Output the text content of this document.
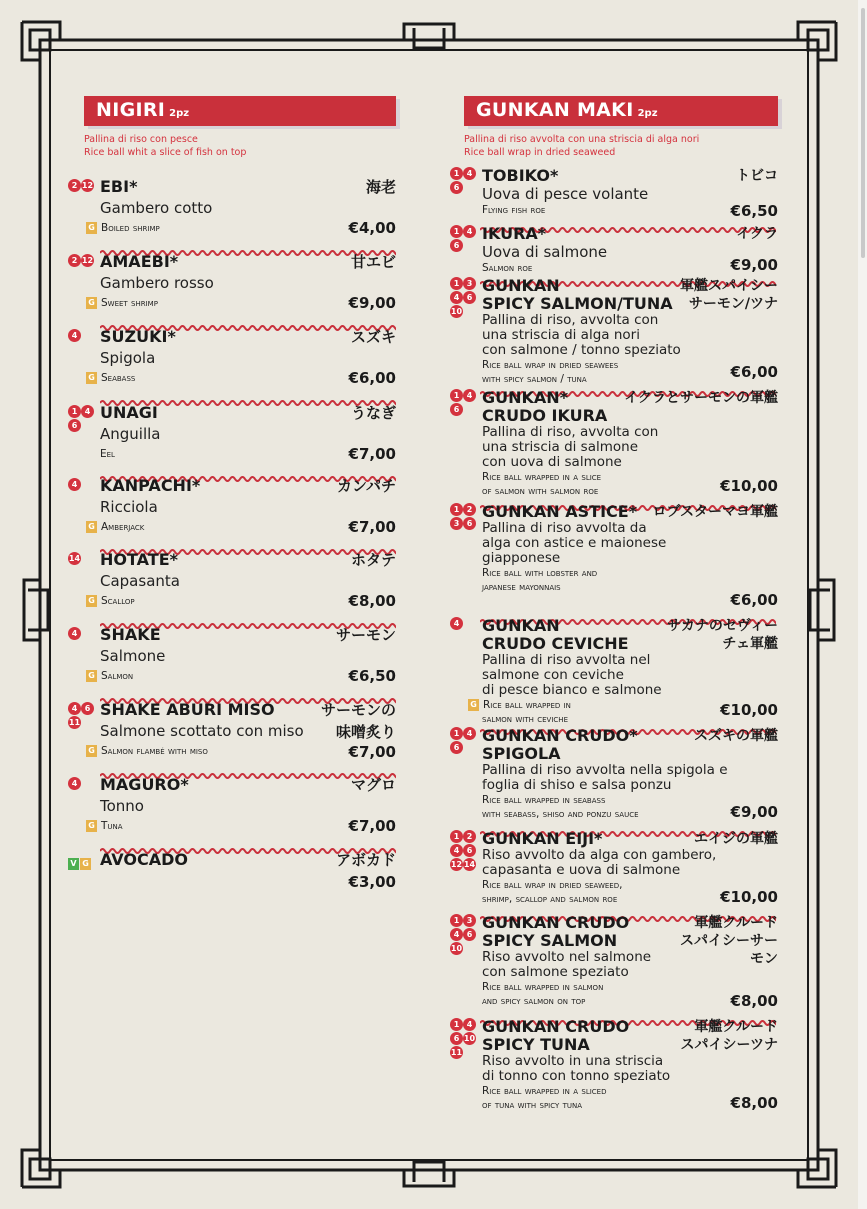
NIGIRI 2pz
Pallina di riso con pesce
Rice ball whit a slice of fish on top
2 12 EBI*	海老
Gambero cotto
G Boiled shrimp	€4,00
2 12 AMAEBI*	甘エビ
Gambero rosso
G Sweet shrimp	€9,00
4	SUZUKI*	スズキ
Spigola
G Seabass	€6,00
1 4
6
UNAGI	うなぎ
Anguilla
Eel	€7,00
4	KANPACHI*	カンパチ
Ricciola
G Amberjack	€7,00
14	HOTATE*	ホタテ
Capasanta
G Scallop	€8,00
4	SHAKE	サーモン
Salmone
G Salmon	€6,50
4 6
11
SHAKE ABURI MISO	サーモンの
味噌炙り
Salmone scottato con miso
G Salmon flambé with miso	€7,00
4	MAGURO*	マグロ
Tonno
G Tuna	€7,00
V G AVOCADO	アボカド
€3,00
GUNKAN MAKI 2pz
Pallina di riso avvolta con una striscia di alga nori
Rice ball wrap in dried seaweed
1 4
6
TOBIKO*	トビコ
Uova di pesce volante
Flying fish roe	€6,50
1 4
6
IKURA*	イクラ
Uova di salmone
Salmon roe	€9,00
1 3
4 6
10
GUNKAN
SPICY SALMON/TUNA
軍艦スパイシー
サーモン/ツナ
Pallina di riso, avvolta con
una striscia di alga nori
con salmone / tonno speziato
Rice ball wrap in dried seawees
with spicy salmon / tuna	€6,00
1 4
6
GUNKAN*
CRUDO IKURA
イクラとサーモンの軍艦
Pallina di riso, avvolta con
una striscia di salmone
con uova di salmone
Rice ball wrapped in a slice
of salmon with salmon roe	€10,00
1 2
3 6
GUNKAN ASTICE*	ロブスターマヨ軍艦
Pallina di riso avvolta da
alga con astice e maionese
giapponese
Rice ball with lobster and
japanese mayonnais
€6,00
4	GUNKAN
CRUDO CEVICHE
サカナのセヴィー
チェ軍艦
Pallina di riso avvolta nel
salmone con ceviche
di pesce bianco e salmone
G Rice ball wrapped in
salmon with ceviche	€10,00
1 4
6
GUNKAN CRUDO*
SPIGOLA
スズキの軍艦
Pallina di riso avvolta nella spigola e
foglia di shiso e salsa ponzu
Rice ball wrapped in seabass
with seabass, shiso and ponzu sauce	€9,00
1 2
4 6
12 14
GUNKAN EIJI*	エイジの軍艦
Riso avvolto da alga con gambero,
capasanta e uova di salmone
Rice ball wrap in dried seaweed,
shrimp, scallop and salmon roe	€10,00
1 3
4 6
10
GUNKAN CRUDO
SPICY SALMON
軍艦クルード
スパイシーサー
モン
Riso avvolto nel salmone
con salmone speziato
Rice ball wrapped in salmon
and spicy salmon on top	€8,00
1 4
6 10
11
GUNKAN CRUDO
SPICY TUNA
軍艦クルード
スパイシーツナ
Riso avvolto in una striscia
di tonno con tonno speziato
Rice ball wrapped in a sliced
of tuna with spicy tuna	€8,00
